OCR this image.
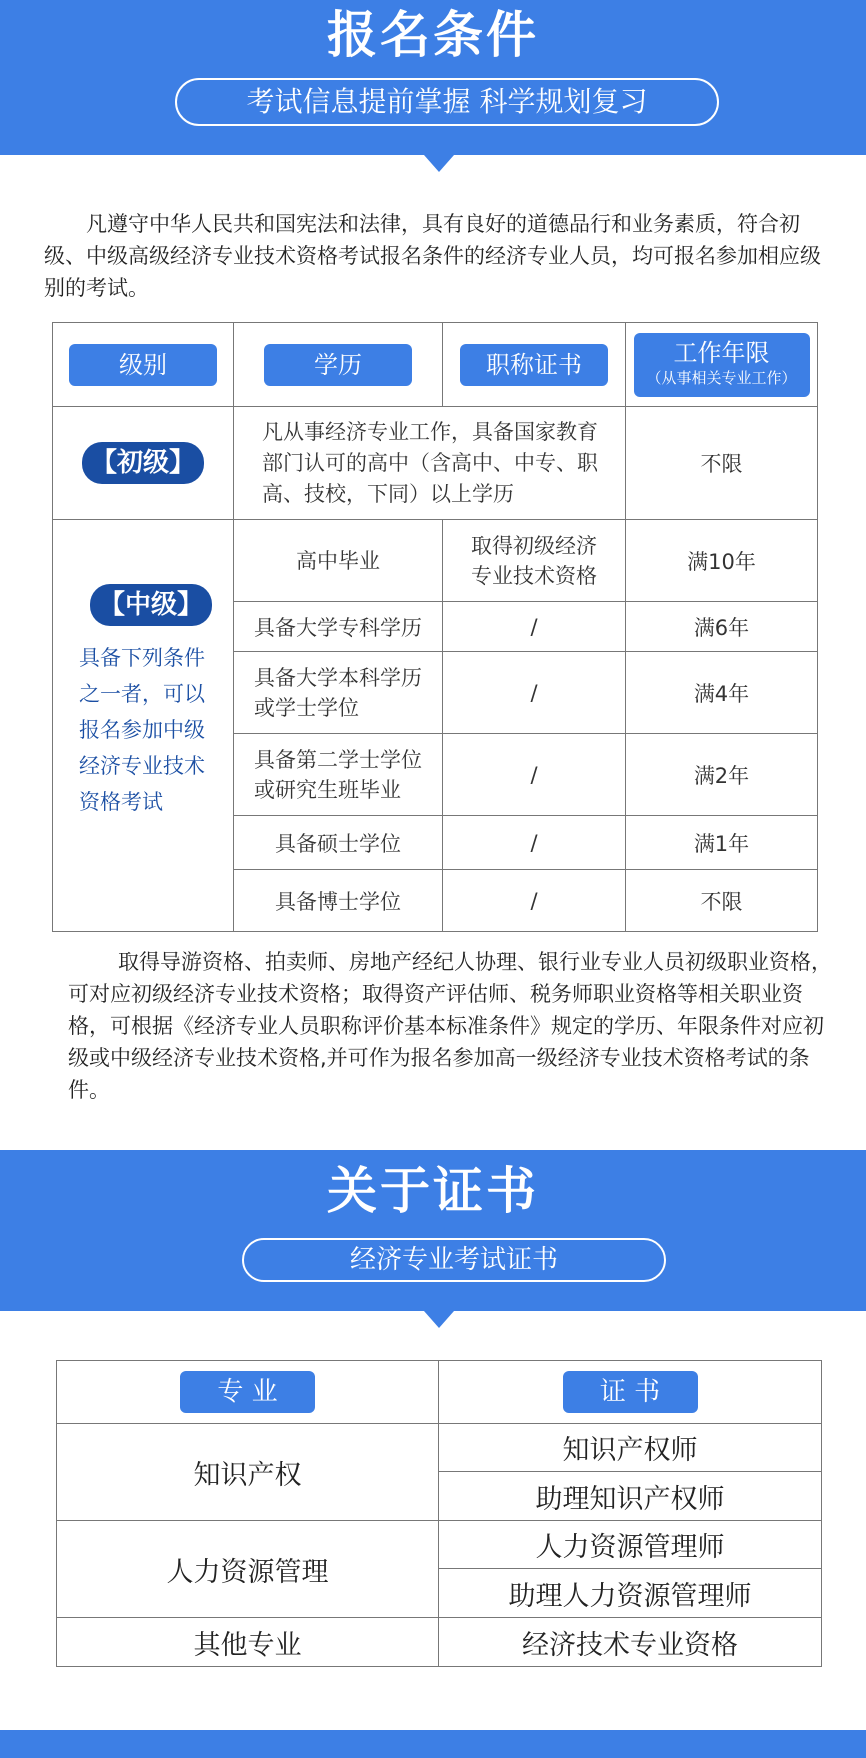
报名条件
考试信息提前掌握 科学规划复习
凡遵守中华人民共和国宪法和法律，具有良好的道德品行和业务素质，符合初级、中级高级经济专业技术资格考试报名条件的经济专业人员，均可报名参加相应级别的考试。
级别	学历	职称证书	工作年限
（从事相关专业工作）

【初级】	凡从事经济专业工作，具备国家教育部门认可的高中（含高中、中专、职高、技校，下同）以上学历		不限

【中级】
具备下列条件之一者，可以报名参加中级经济专业技术资格考试	高中毕业	取得初级经济专业技术资格	满10年
	具备大学专科学历	/	满6年
	具备大学本科学历或学士学位	/	满4年
	具备第二学士学位或研究生班毕业	/	满2年
	具备硕士学位	/	满1年
	具备博士学位	/	不限
取得导游资格、拍卖师、房地产经纪人协理、银行业专业人员初级职业资格，可对应初级经济专业技术资格；取得资产评估师、税务师职业资格等相关职业资格，可根据《经济专业人员职称评价基本标准条件》规定的学历、年限条件对应初级或中级经济专业技术资格,并可作为报名参加高一级经济专业技术资格考试的条件。
关于证书
经济专业考试证书
专 业	证 书
知识产权	知识产权师
	助理知识产权师
人力资源管理	人力资源管理师
	助理人力资源管理师
其他专业	经济技术专业资格
